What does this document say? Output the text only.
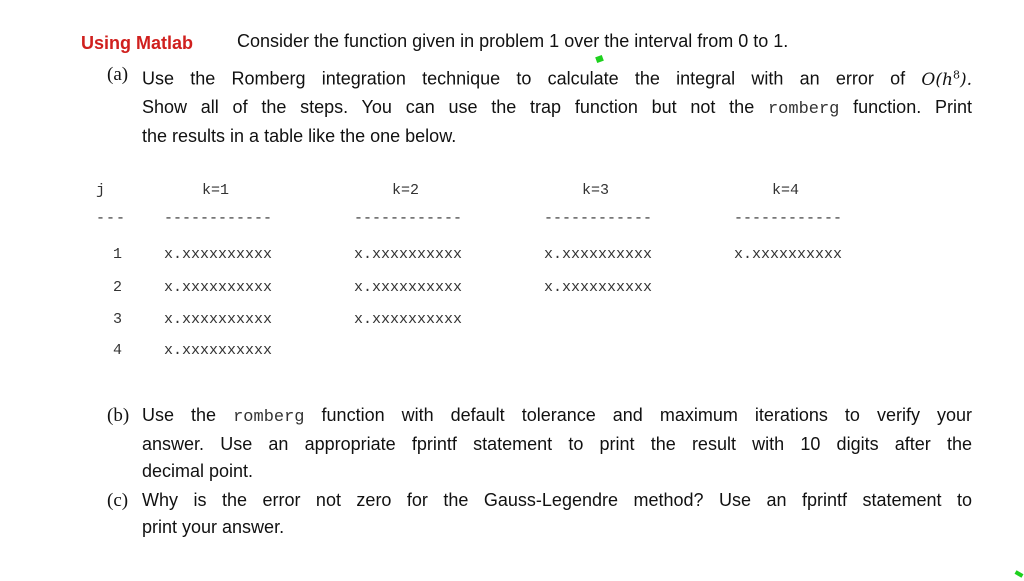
Using Matlab Consider the function given in problem 1 over the interval from 0 to 1.
(a) Use the Romberg integration technique to calculate the integral with an error of $O(h^8)$.
Show all of the steps. You can use the trap function but not the romberg function. Print
the results in a table like the one below.
j	k=1	k=2	k=3	k=4
---	------------	------------	------------	------------
1	x.xxxxxxxxxx	x.xxxxxxxxxx	x.xxxxxxxxxx	x.xxxxxxxxxx
2	x.xxxxxxxxxx	x.xxxxxxxxxx	x.xxxxxxxxxx
3	x.xxxxxxxxxx	x.xxxxxxxxxx
4	x.xxxxxxxxxx
(b) Use the romberg function with default tolerance and maximum iterations to verify your
answer. Use an appropriate fprintf statement to print the result with 10 digits after the
decimal point.
(c) Why is the error not zero for the Gauss-Legendre method? Use an fprintf statement to
print your answer.
